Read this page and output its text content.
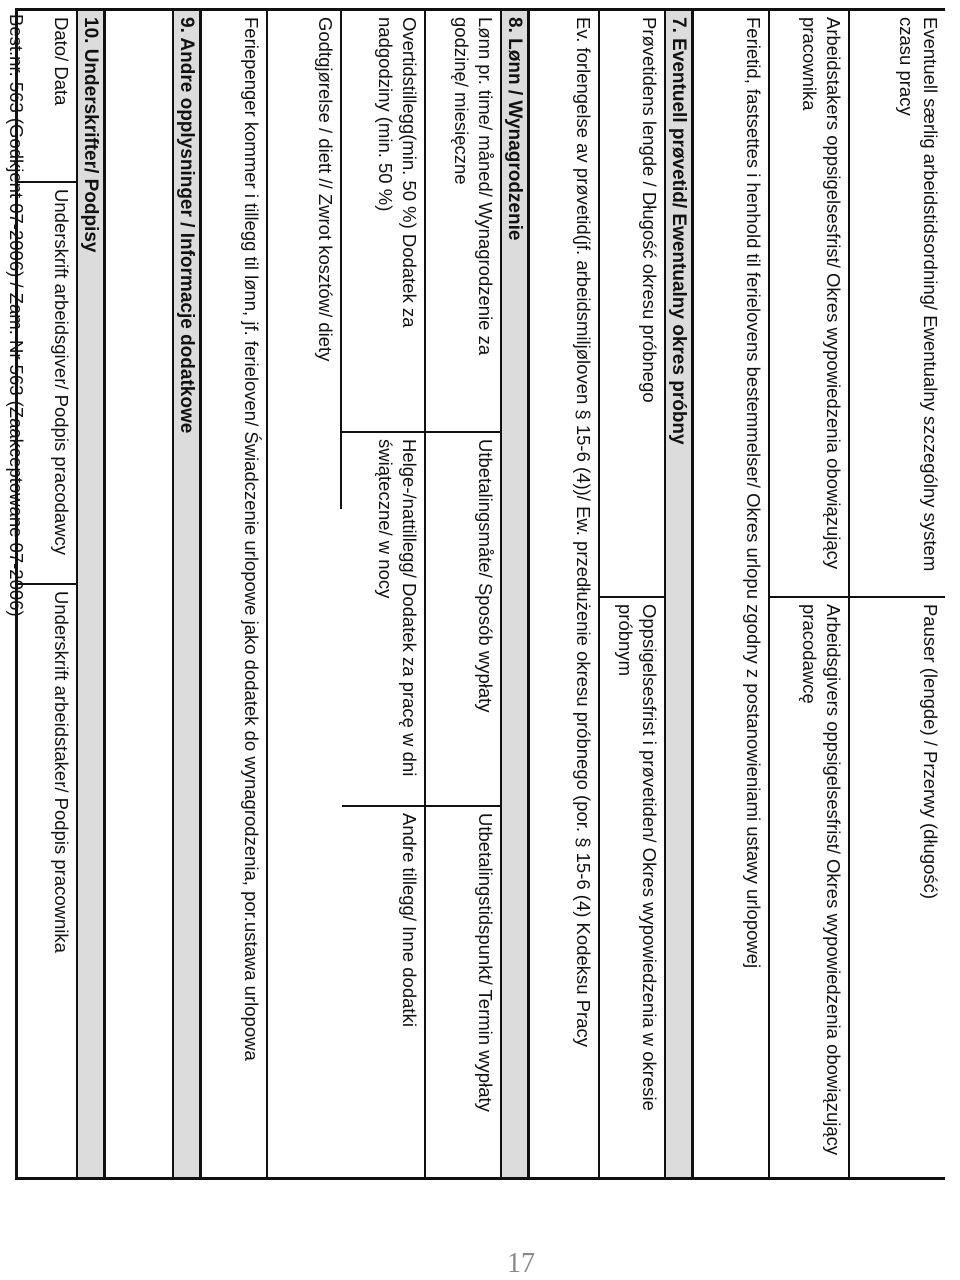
Eventuell særlig arbeidstidsordning/ Ewentualny szczególny system czasu pracy
Pauser (lengde) / Przerwy (długość)
Arbeidstakers oppsigelsesfrist/ Okres wypowiedzenia obowiązujący pracownika
Arbeidsgivers oppsigelsesfrist/ Okres wypowiedzenia obowiązujący pracodawcę
Ferietid, fastsettes i henhold til ferielovens bestemmelser/ Okres urlopu zgodny z postanowieniami ustawy urlopowej
7. Eventuell prøvetid/ Ewentualny okres próbny
Prøvetidens lengde / Długość okresu próbnego
Oppsigelsesfrist i prøvetiden/ Okres wypowiedzenia w okresie próbnym
Ev. forlengelse av prøvetid(jf. arbeidsmiljøloven § 15-6 (4))/ Ew. przedłużenie okresu próbnego (por. § 15-6 (4) Kodeksu Pracy
8. Lønn / Wynagrodzenie
Lønn pr. time/ måned/ Wynagrodzenie za godzinę/ miesięczne
Utbetalingsmåte/ Sposób wypłaty
Utbetalingstidspunkt/ Termin wypłaty
Overtidstillegg(min. 50 %) Dodatek za nadgodziny (min. 50 %)
Helge-/nattillegg/ Dodatek za pracę w dni świąteczne/ w nocy
Andre tillegg/ Inne dodatki
Godtgjørelse / diett // Zwrot kosztów/ diety
Feriepenger kommer i tillegg til lønn, jf. ferieloven/ Świadczenie urlopowe jako dodatek do wynagrodzenia, por.ustawa urlopowa
9. Andre opplysninger / Informacje dodatkowe
10. Underskrifter/ Podpisy
Dato/ Data
Underskrift arbeidsgiver/ Podpis pracodawcy
Underskrift arbeidstaker/ Podpis pracownika
Best.nr. 563 (Godkjent 07-2006) / Zam. Nr 563 (Zaakceptowane 07-2006)
17
